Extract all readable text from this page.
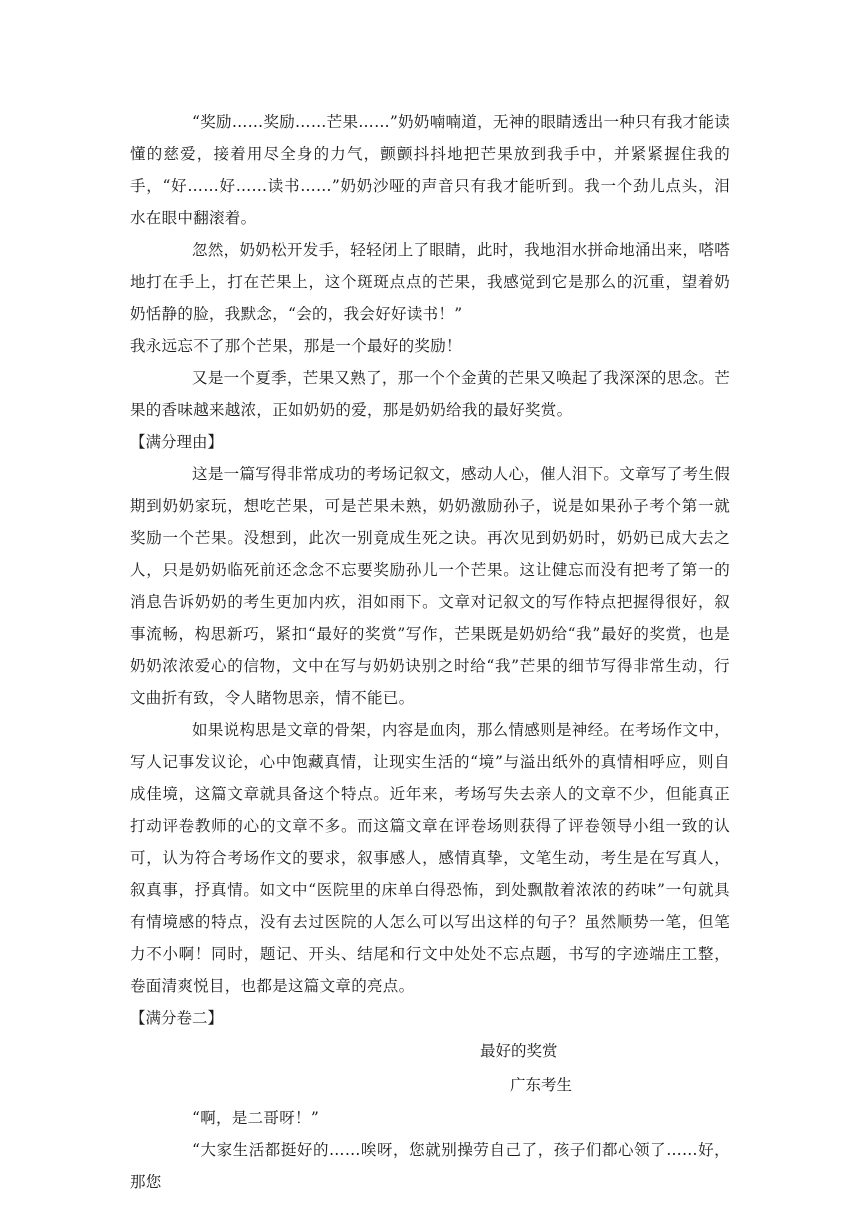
“奖励……奖励……芒果……”奶奶喃喃道，无神的眼睛透出一种只有我才能读懂的慈爱，接着用尽全身的力气，颤颤抖抖地把芒果放到我手中，并紧紧握住我的手，“好……好……读书……”奶奶沙哑的声音只有我才能听到。我一个劲儿点头，泪水在眼中翻滚着。

忽然，奶奶松开发手，轻轻闭上了眼睛，此时，我地泪水拼命地涌出来，嗒嗒地打在手上，打在芒果上，这个斑斑点点的芒果，我感觉到它是那么的沉重，望着奶奶恬静的脸，我默念，“会的，我会好好读书！”

我永远忘不了那个芒果，那是一个最好的奖励！

又是一个夏季，芒果又熟了，那一个个金黄的芒果又唤起了我深深的思念。芒果的香味越来越浓，正如奶奶的爱，那是奶奶给我的最好奖赏。

【满分理由】

这是一篇写得非常成功的考场记叙文，感动人心，催人泪下。文章写了考生假期到奶奶家玩，想吃芒果，可是芒果未熟，奶奶激励孙子，说是如果孙子考个第一就奖励一个芒果。没想到，此次一别竟成生死之诀。再次见到奶奶时，奶奶已成大去之人，只是奶奶临死前还念念不忘要奖励孙儿一个芒果。这让健忘而没有把考了第一的消息告诉奶奶的考生更加内疚，泪如雨下。文章对记叙文的写作特点把握得很好，叙事流畅，构思新巧，紧扣“最好的奖赏”写作，芒果既是奶奶给“我”最好的奖赏，也是奶奶浓浓爱心的信物，文中在写与奶奶诀别之时给“我”芒果的细节写得非常生动，行文曲折有致，令人睹物思亲，情不能已。

如果说构思是文章的骨架，内容是血肉，那么情感则是神经。在考场作文中，写人记事发议论，心中饱藏真情，让现实生活的“境”与溢出纸外的真情相呼应，则自成佳境，这篇文章就具备这个特点。近年来，考场写失去亲人的文章不少，但能真正打动评卷教师的心的文章不多。而这篇文章在评卷场则获得了评卷领导小组一致的认可，认为符合考场作文的要求，叙事感人，感情真挚，文笔生动，考生是在写真人，叙真事，抒真情。如文中“医院里的床单白得恐怖，到处飘散着浓浓的药味”一句就具有情境感的特点，没有去过医院的人怎么可以写出这样的句子？虽然顺势一笔，但笔力不小啊！同时，题记、开头、结尾和行文中处处不忘点题，书写的字迹端庄工整，卷面清爽悦目，也都是这篇文章的亮点。

【满分卷二】

最好的奖赏

广东考生

“啊，是二哥呀！”

“大家生活都挺好的……唉呀，您就别操劳自己了，孩子们都心领了……好，那您
